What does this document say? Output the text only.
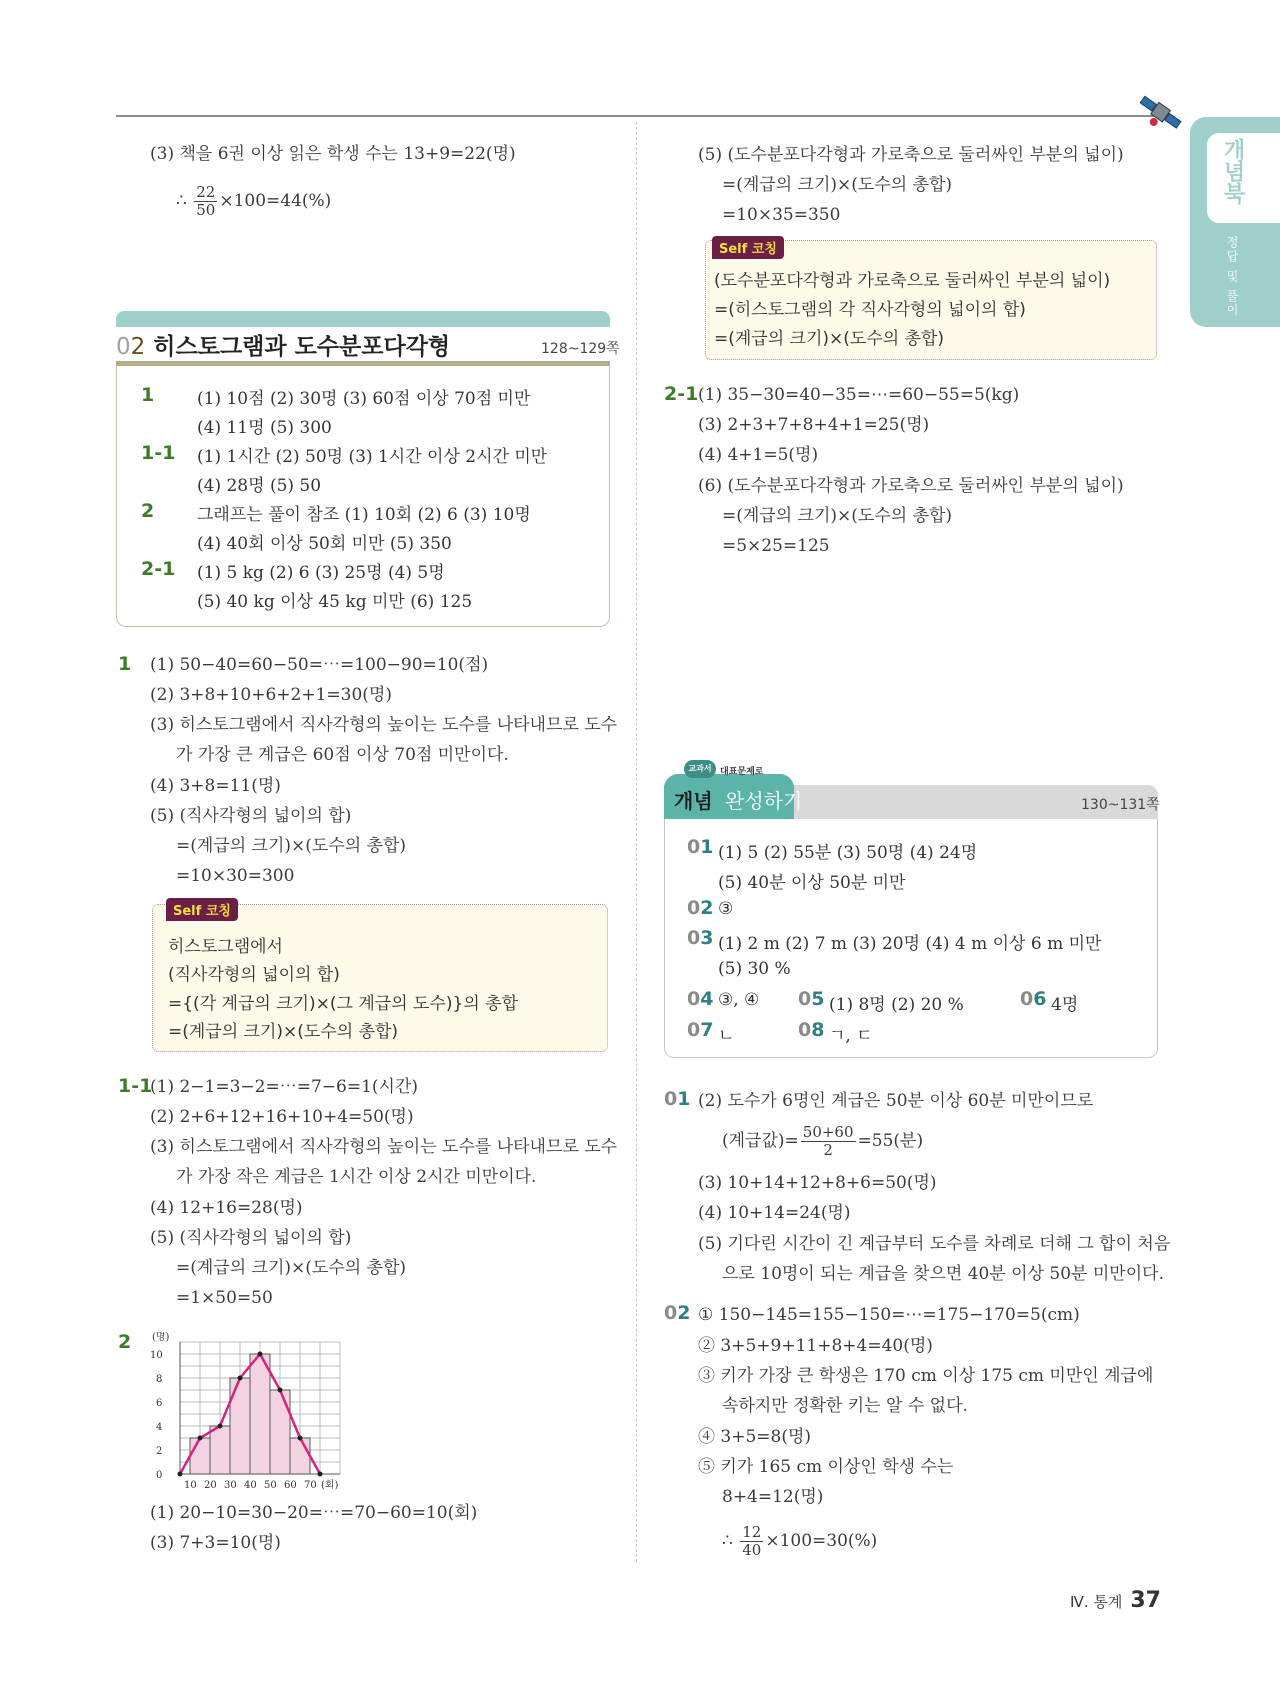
개념북
정답 및 풀이
(3) 책을 6권 이상 읽은 학생 수는 13+9=22(명)
∴ $\frac{22}{50} \times 100=44(\%)$
02 히스토그램과 도수분포다각형	128~129쪽
1	(1) 10점 (2) 30명 (3) 60점 이상 70점 미만
(4) 11명 (5) 300
1-1 (1) 1시간 (2) 50명 (3) 1시간 이상 2시간 미만
(4) 28명 (5) 50
2	그래프는 풀이 참조 (1) 10회 (2) 6 (3) 10명
(4) 40회 이상 50회 미만 (5) 350
2-1 (1) 5 kg (2) 6 (3) 25명 (4) 5명
(5) 40 kg 이상 45 kg 미만 (6) 125
1 (1) 50−40=60−50=⋯=100−90=10(점)
(2) 3+8+10+6+2+1=30(명)
(3) 히스토그램에서 직사각형의 높이는 도수를 나타내므로 도수
가 가장 큰 계급은 60점 이상 70점 미만이다.
(4) 3+8=11(명)
(5) (직사각형의 넓이의 합)
=(계급의 크기)×(도수의 총합)
=10×30=300
Self 코칭
히스토그램에서
(직사각형의 넓이의 합)
={(각 계급의 크기)×(그 계급의 도수)}의 총합
=(계급의 크기)×(도수의 총합)
1-1
(1) 2−1=3−2=⋯=7−6=1(시간)
(2) 2+6+12+16+10+4=50(명)
(3) 히스토그램에서 직사각형의 높이는 도수를 나타내므로 도수
가 가장 작은 계급은 1시간 이상 2시간 미만이다.
(4) 12+16=28(명)
(5) (직사각형의 넓이의 합)
=(계급의 크기)×(도수의 총합)
=1×50=50
2 (명)
0
2
4
6
8
10
10 20 30 40 50 60 70 (회)
(1) 20−10=30−20=⋯=70−60=10(회)
(3) 7+3=10(명)
(5) (도수분포다각형과 가로축으로 둘러싸인 부분의 넓이)
=(계급의 크기)×(도수의 총합)
=10×35=350
Self 코칭
(도수분포다각형과 가로축으로 둘러싸인 부분의 넓이)
=(히스토그램의 각 직사각형의 넓이의 합)
=(계급의 크기)×(도수의 총합)
2-1 (1) 35−30=40−35=⋯=60−55=5(kg)
(3) 2+3+7+8+4+1=25(명)
(4) 4+1=5(명)
(6) (도수분포다각형과 가로축으로 둘러싸인 부분의 넓이)
=(계급의 크기)×(도수의 총합)
=5×25=125
교과서 대표문제로
개념 완성하기	130~131쪽
01 (1) 5 (2) 55분 (3) 50명 (4) 24명
(5) 40분 이상 50분 미만
02 ③
03 (1) 2 m (2) 7 m (3) 20명 (4) 4 m 이상 6 m 미만
(5) 30 %
04 ③, ④ 05 (1) 8명 (2) 20 %	06 4명
07 ㄴ	08 ㄱ, ㄷ
01 (2) 도수가 6명인 계급은 50분 이상 60분 미만이므로
(계급값)= $\frac{50+60}{2} =55$(분)
(3) 10+14+12+8+6=50(명)
(4) 10+14=24(명)
(5) 기다린 시간이 긴 계급부터 도수를 차례로 더해 그 합이 처음
으로 10명이 되는 계급을 찾으면 40분 이상 50분 미만이다.
02 ① 150−145=155−150=⋯=175−170=5(cm)
② 3+5+9+11+8+4=40(명)
③ 키가 가장 큰 학생은 170 cm 이상 175 cm 미만인 계급에
속하지만 정확한 키는 알 수 없다.
④ 3+5=8(명)
⑤ 키가 165 cm 이상인 학생 수는
8+4=12(명)
∴ $\frac{12}{40} \times 100=30(\%)$
Ⅳ. 통계 37
